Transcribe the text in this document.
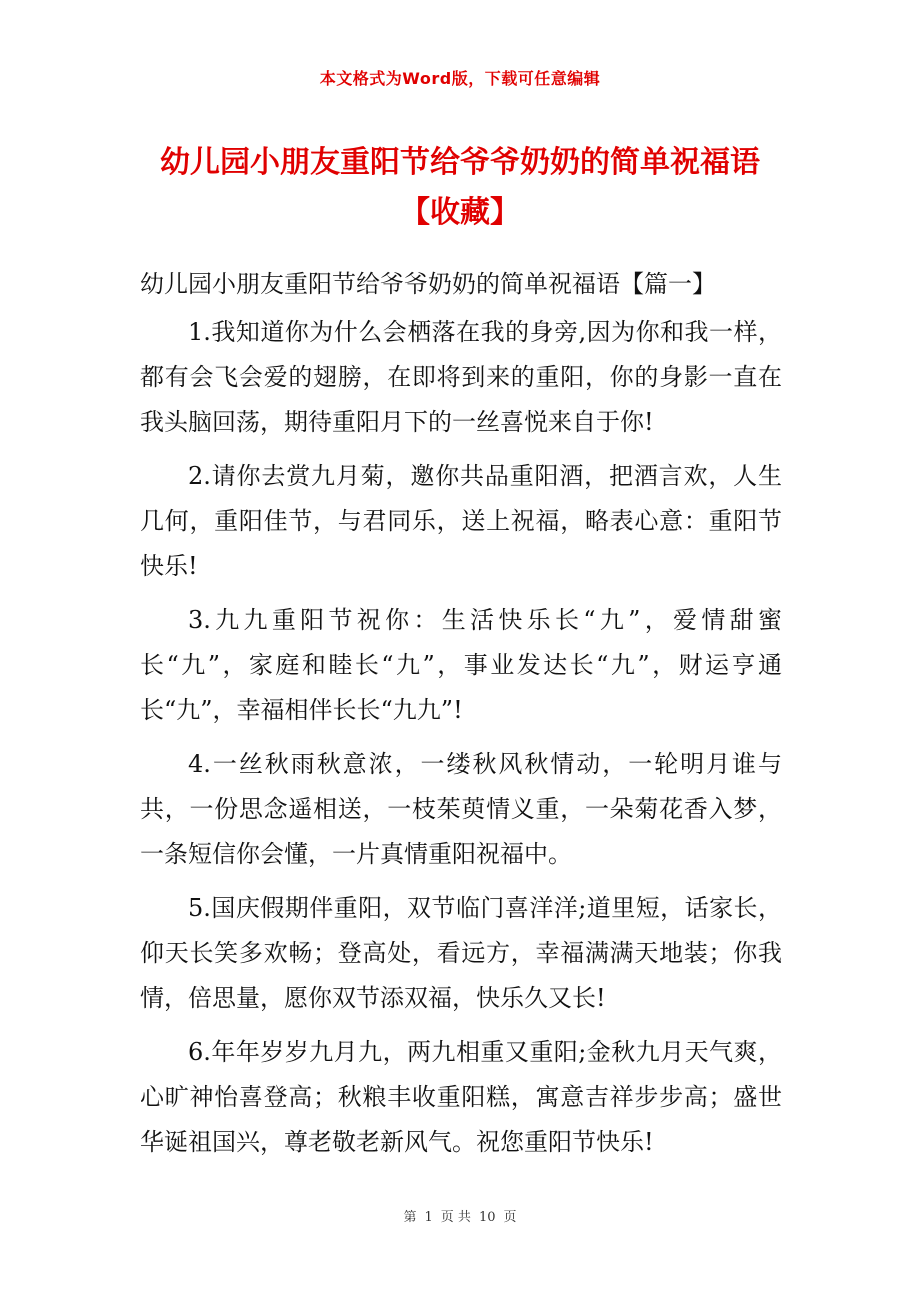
本文格式为Word版，下载可任意编辑
幼儿园小朋友重阳节给爷爷奶奶的简单祝福语 【收藏】

幼儿园小朋友重阳节给爷爷奶奶的简单祝福语【篇一】

1.我知道你为什么会栖落在我的身旁,因为你和我一样，都有会飞会爱的翅膀，在即将到来的重阳，你的身影一直在我头脑回荡，期待重阳月下的一丝喜悦来自于你!

2.请你去赏九月菊，邀你共品重阳酒，把酒言欢，人生几何，重阳佳节，与君同乐，送上祝福，略表心意：重阳节快乐!

3.九九重阳节祝你：生活快乐长“九”，爱情甜蜜长“九”，家庭和睦长“九”，事业发达长“九”，财运亨通长“九”，幸福相伴长长“九九”!

4.一丝秋雨秋意浓，一缕秋风秋情动，一轮明月谁与共，一份思念遥相送，一枝茱萸情义重，一朵菊花香入梦，一条短信你会懂，一片真情重阳祝福中。

5.国庆假期伴重阳，双节临门喜洋洋;道里短，话家长，仰天长笑多欢畅；登高处，看远方，幸福满满天地装；你我情，倍思量，愿你双节添双福，快乐久又长!

6.年年岁岁九月九，两九相重又重阳;金秋九月天气爽，心旷神怡喜登高；秋粮丰收重阳糕，寓意吉祥步步高；盛世华诞祖国兴，尊老敬老新风气。祝您重阳节快乐!

第 1 页 共 10 页
